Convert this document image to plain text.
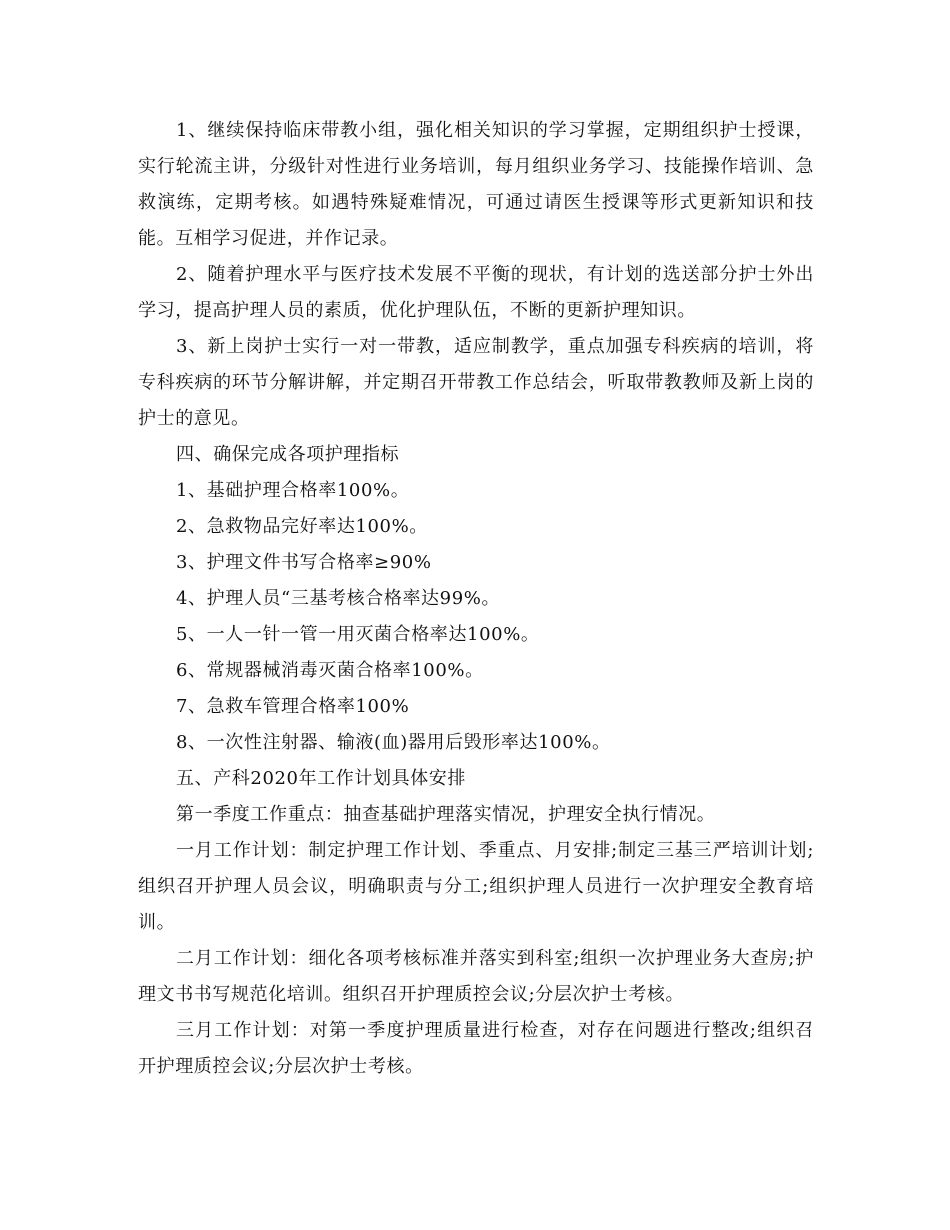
1、继续保持临床带教小组，强化相关知识的学习掌握，定期组织护士授课，实行轮流主讲，分级针对性进行业务培训，每月组织业务学习、技能操作培训、急救演练，定期考核。如遇特殊疑难情况，可通过请医生授课等形式更新知识和技能。互相学习促进，并作记录。

2、随着护理水平与医疗技术发展不平衡的现状，有计划的选送部分护士外出学习，提高护理人员的素质，优化护理队伍，不断的更新护理知识。

3、新上岗护士实行一对一带教，适应制教学，重点加强专科疾病的培训，将专科疾病的环节分解讲解，并定期召开带教工作总结会，听取带教教师及新上岗的护士的意见。

四、确保完成各项护理指标

1、基础护理合格率100%。

2、急救物品完好率达100%。

3、护理文件书写合格率≥90%

4、护理人员“三基考核合格率达99%。

5、一人一针一管一用灭菌合格率达100%。

6、常规器械消毒灭菌合格率100%。

7、急救车管理合格率100%

8、一次性注射器、输液(血)器用后毁形率达100%。

五、产科2020年工作计划具体安排

第一季度工作重点：抽查基础护理落实情况，护理安全执行情况。

一月工作计划：制定护理工作计划、季重点、月安排;制定三基三严培训计划;组织召开护理人员会议，明确职责与分工;组织护理人员进行一次护理安全教育培训。

二月工作计划：细化各项考核标准并落实到科室;组织一次护理业务大查房;护理文书书写规范化培训。组织召开护理质控会议;分层次护士考核。

三月工作计划：对第一季度护理质量进行检查，对存在问题进行整改;组织召开护理质控会议;分层次护士考核。
